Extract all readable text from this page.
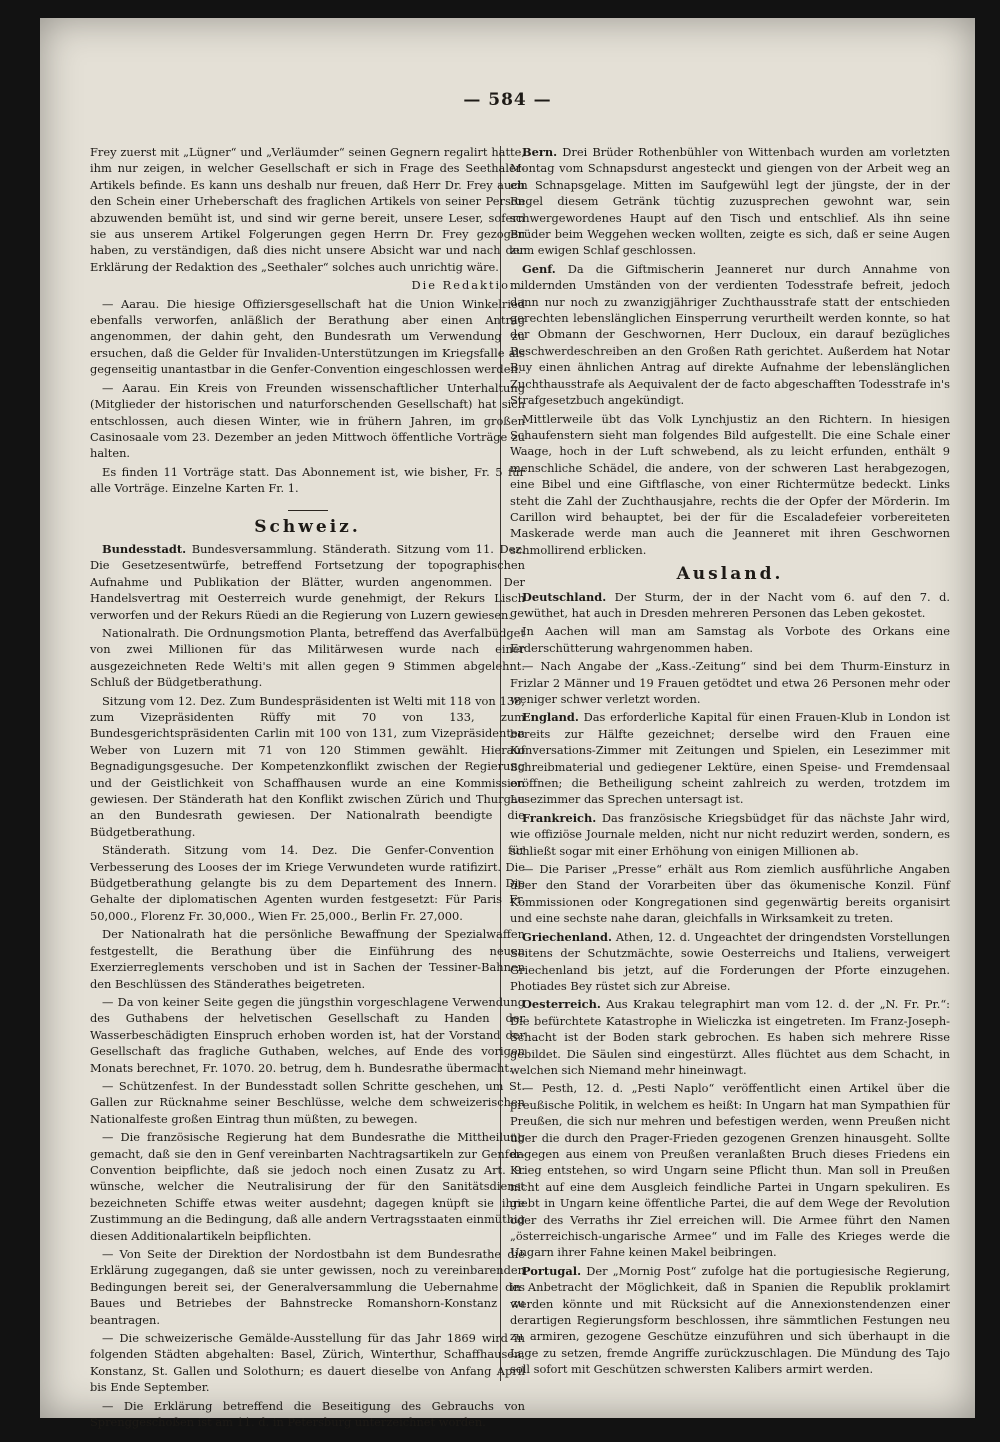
— 584 —

Frey zuerst mit „Lügner“ und „Verläumder“ seinen Gegnern regalirt hatte, ihm nur zeigen, in welcher Gesellschaft er sich in Frage des Seethaler-Artikels befinde. Es kann uns deshalb nur freuen, daß Herr Dr. Frey auch den Schein einer Urheberschaft des fraglichen Artikels von seiner Person abzuwenden bemüht ist, und sind wir gerne bereit, unsere Leser, sofern sie aus unserem Artikel Folgerungen gegen Herrn Dr. Frey gezogen haben, zu verständigen, daß dies nicht unsere Absicht war und nach der Erklärung der Redaktion des „Seethaler“ solches auch unrichtig wäre.

Die Redaktion.

— Aarau. Die hiesige Offiziersgesellschaft hat die Union Winkelried ebenfalls verworfen, anläßlich der Berathung aber einen Antrag angenommen, der dahin geht, den Bundesrath um Verwendung zu ersuchen, daß die Gelder für Invaliden-Unterstützungen im Kriegsfalle als gegenseitig unantastbar in die Genfer-Convention eingeschlossen werden.

— Aarau. Ein Kreis von Freunden wissenschaftlicher Unterhaltung (Mitglieder der historischen und naturforschenden Gesellschaft) hat sich entschlossen, auch diesen Winter, wie in frühern Jahren, im großen Casinosaale vom 23. Dezember an jeden Mittwoch öffentliche Vorträge zu halten.

Es finden 11 Vorträge statt. Das Abonnement ist, wie bisher, Fr. 5 für alle Vorträge. Einzelne Karten Fr. 1.

Schweiz.

Bundesstadt. Bundesversammlung. Ständerath. Sitzung vom 11. Dez. Die Gesetzesentwürfe, betreffend Fortsetzung der topographischen Aufnahme und Publikation der Blätter, wurden angenommen. Der Handelsvertrag mit Oesterreich wurde genehmigt, der Rekurs Lisch verworfen und der Rekurs Rüedi an die Regierung von Luzern gewiesen.

Nationalrath. Die Ordnungsmotion Planta, betreffend das Averfalbüdget von zwei Millionen für das Militärwesen wurde nach einer ausgezeichneten Rede Welti's mit allen gegen 9 Stimmen abgelehnt. Schluß der Büdgetberathung.

Sitzung vom 12. Dez. Zum Bundespräsidenten ist Welti mit 118 von 138, zum Vizepräsidenten Rüffy mit 70 von 133, zum Bundesgerichtspräsidenten Carlin mit 100 von 131, zum Vizepräsidenten Weber von Luzern mit 71 von 120 Stimmen gewählt. Hierauf Begnadigungsgesuche. Der Kompetenzkonflikt zwischen der Regierung und der Geistlichkeit von Schaffhausen wurde an eine Kommission gewiesen. Der Ständerath hat den Konflikt zwischen Zürich und Thurgau an den Bundesrath gewiesen. Der Nationalrath beendigte die Büdgetberathung.

Ständerath. Sitzung vom 14. Dez. Die Genfer-Convention für Verbesserung des Looses der im Kriege Verwundeten wurde ratifizirt. Die Büdgetberathung gelangte bis zu dem Departement des Innern. Die Gehalte der diplomatischen Agenten wurden festgesetzt: Für Paris Fr. 50,000., Florenz Fr. 30,000., Wien Fr. 25,000., Berlin Fr. 27,000.

Der Nationalrath hat die persönliche Bewaffnung der Spezialwaffen festgestellt, die Berathung über die Einführung des neuen Exerzierreglements verschoben und ist in Sachen der Tessiner-Bahnen den Beschlüssen des Ständerathes beigetreten.

— Da von keiner Seite gegen die jüngsthin vorgeschlagene Verwendung des Guthabens der helvetischen Gesellschaft zu Handen der Wasserbeschädigten Einspruch erhoben worden ist, hat der Vorstand der Gesellschaft das fragliche Guthaben, welches, auf Ende des vorigen Monats berechnet, Fr. 1070. 20. betrug, dem h. Bundesrathe übermacht.

— Schützenfest. In der Bundesstadt sollen Schritte geschehen, um St. Gallen zur Rücknahme seiner Beschlüsse, welche dem schweizerischen Nationalfeste großen Eintrag thun müßten, zu bewegen.

— Die französische Regierung hat dem Bundesrathe die Mittheilung gemacht, daß sie den in Genf vereinbarten Nachtragsartikeln zur Genfer-Convention beipflichte, daß sie jedoch noch einen Zusatz zu Art. 9. wünsche, welcher die Neutralisirung der für den Sanitätsdienst bezeichneten Schiffe etwas weiter ausdehnt; dagegen knüpft sie ihre Zustimmung an die Bedingung, daß alle andern Vertragsstaaten einmüthig diesen Additionalartikeln beipflichten.

— Von Seite der Direktion der Nordostbahn ist dem Bundesrathe die Erklärung zugegangen, daß sie unter gewissen, noch zu vereinbarenden Bedingungen bereit sei, der Generalversammlung die Uebernahme des Baues und Betriebes der Bahnstrecke Romanshorn-Konstanz zu beantragen.

— Die schweizerische Gemälde-Ausstellung für das Jahr 1869 wird in folgenden Städten abgehalten: Basel, Zürich, Winterthur, Schaffhausen, Konstanz, St. Gallen und Solothurn; es dauert dieselbe von Anfang April bis Ende September.

— Die Erklärung betreffend die Beseitigung des Gebrauchs von Sprenggeschoßen ist am 11. d. in Petersburg unterzeichnet worden.

Bern. Drei Brüder Rothenbühler von Wittenbach wurden am vorletzten Montag vom Schnapsdurst angesteckt und giengen von der Arbeit weg an ein Schnapsgelage. Mitten im Saufgewühl legt der jüngste, der in der Regel diesem Getränk tüchtig zuzusprechen gewohnt war, sein schwergewordenes Haupt auf den Tisch und entschlief. Als ihn seine Brüder beim Weggehen wecken wollten, zeigte es sich, daß er seine Augen zum ewigen Schlaf geschlossen.

Genf. Da die Giftmischerin Jeanneret nur durch Annahme von mildernden Umständen von der verdienten Todesstrafe befreit, jedoch dann nur noch zu zwanzigjähriger Zuchthausstrafe statt der entschieden gerechten lebenslänglichen Einsperrung verurtheilt werden konnte, so hat der Obmann der Geschwornen, Herr Ducloux, ein darauf bezügliches Beschwerdeschreiben an den Großen Rath gerichtet. Außerdem hat Notar Buy einen ähnlichen Antrag auf direkte Aufnahme der lebenslänglichen Zuchthausstrafe als Aequivalent der de facto abgeschafften Todesstrafe in's Strafgesetzbuch angekündigt.

Mittlerweile übt das Volk Lynchjustiz an den Richtern. In hiesigen Schaufenstern sieht man folgendes Bild aufgestellt. Die eine Schale einer Waage, hoch in der Luft schwebend, als zu leicht erfunden, enthält 9 menschliche Schädel, die andere, von der schweren Last herabgezogen, eine Bibel und eine Giftflasche, von einer Richtermütze bedeckt. Links steht die Zahl der Zuchthausjahre, rechts die der Opfer der Mörderin. Im Carillon wird behauptet, bei der für die Escaladefeier vorbereiteten Maskerade werde man auch die Jeanneret mit ihren Geschwornen schmollirend erblicken.

Ausland.

Deutschland. Der Sturm, der in der Nacht vom 6. auf den 7. d. gewüthet, hat auch in Dresden mehreren Personen das Leben gekostet.

In Aachen will man am Samstag als Vorbote des Orkans eine Erderschütterung wahrgenommen haben.

— Nach Angabe der „Kass.-Zeitung“ sind bei dem Thurm-Einsturz in Frizlar 2 Männer und 19 Frauen getödtet und etwa 26 Personen mehr oder weniger schwer verletzt worden.

England. Das erforderliche Kapital für einen Frauen-Klub in London ist bereits zur Hälfte gezeichnet; derselbe wird den Frauen eine Konversations-Zimmer mit Zeitungen und Spielen, ein Lesezimmer mit Schreibmaterial und gediegener Lektüre, einen Speise- und Fremdensaal eröffnen; die Betheiligung scheint zahlreich zu werden, trotzdem im Lesezimmer das Sprechen untersagt ist.

Frankreich. Das französische Kriegsbüdget für das nächste Jahr wird, wie offiziöse Journale melden, nicht nur nicht reduzirt werden, sondern, es schließt sogar mit einer Erhöhung von einigen Millionen ab.

— Die Pariser „Presse“ erhält aus Rom ziemlich ausführliche Angaben über den Stand der Vorarbeiten über das ökumenische Konzil. Fünf Kommissionen oder Kongregationen sind gegenwärtig bereits organisirt und eine sechste nahe daran, gleichfalls in Wirksamkeit zu treten.

Griechenland. Athen, 12. d. Ungeachtet der dringendsten Vorstellungen Seitens der Schutzmächte, sowie Oesterreichs und Italiens, verweigert Griechenland bis jetzt, auf die Forderungen der Pforte einzugehen. Photiades Bey rüstet sich zur Abreise.

Oesterreich. Aus Krakau telegraphirt man vom 12. d. der „N. Fr. Pr.“: Die befürchtete Katastrophe in Wieliczka ist eingetreten. Im Franz-Joseph-Schacht ist der Boden stark gebrochen. Es haben sich mehrere Risse gebildet. Die Säulen sind eingestürzt. Alles flüchtet aus dem Schacht, in welchen sich Niemand mehr hineinwagt.

— Pesth, 12. d. „Pesti Naplo“ veröffentlicht einen Artikel über die preußische Politik, in welchem es heißt: In Ungarn hat man Sympathien für Preußen, die sich nur mehren und befestigen werden, wenn Preußen nicht über die durch den Prager-Frieden gezogenen Grenzen hinausgeht. Sollte dagegen aus einem von Preußen veranlaßten Bruch dieses Friedens ein Krieg entstehen, so wird Ungarn seine Pflicht thun. Man soll in Preußen nicht auf eine dem Ausgleich feindliche Partei in Ungarn spekuliren. Es giebt in Ungarn keine öffentliche Partei, die auf dem Wege der Revolution oder des Verraths ihr Ziel erreichen will. Die Armee führt den Namen „österreichisch-ungarische Armee“ und im Falle des Krieges werde die Ungarn ihrer Fahne keinen Makel beibringen.

Portugal. Der „Mornig Post“ zufolge hat die portugiesische Regierung, in Anbetracht der Möglichkeit, daß in Spanien die Republik proklamirt werden könnte und mit Rücksicht auf die Annexionstendenzen einer derartigen Regierungsform beschlossen, ihre sämmtlichen Festungen neu zu armiren, gezogene Geschütze einzuführen und sich überhaupt in die Lage zu setzen, fremde Angriffe zurückzuschlagen. Die Mündung des Tajo soll sofort mit Geschützen schwersten Kalibers armirt werden.
